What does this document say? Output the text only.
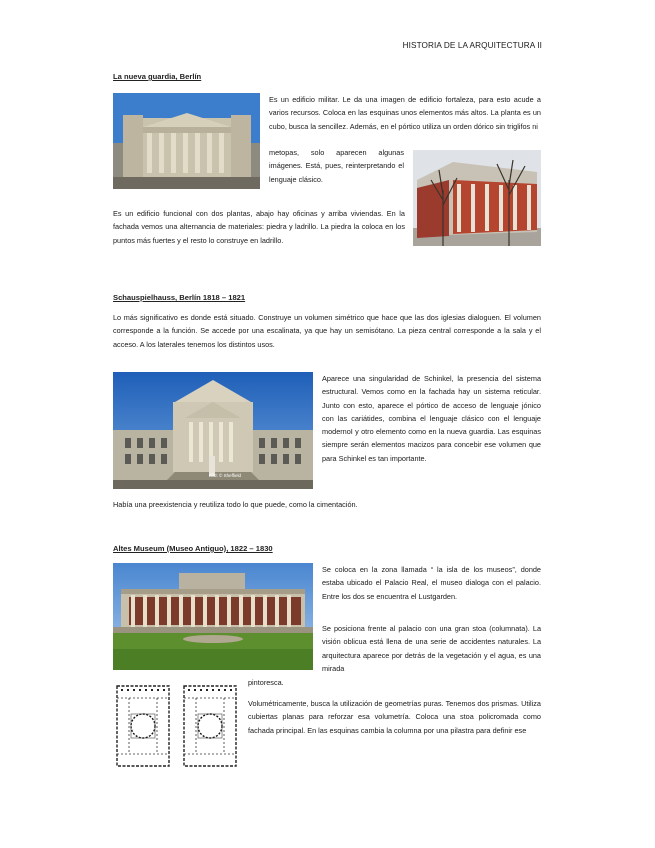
HISTORIA DE LA ARQUITECTURA II
La nueva guardia, Berlín
Es un edificio militar. Le da una imagen de edificio fortaleza, para esto acude a varios recursos. Coloca en las esquinas unos elementos más altos. La planta es un cubo, busca la sencillez. Además, en el pórtico utiliza un orden dórico sin triglifos ni
metopas, solo aparecen algunas imágenes. Está, pues, reinterpretando el lenguaje clásico.
Es un edificio funcional con dos plantas, abajo hay oficinas y arriba viviendas. En la fachada vemos una alternancia de materiales: piedra y ladrillo. La piedra la coloca en los puntos más fuertes y el resto lo construye en ladrillo.
Schauspielhauss, Berlín 1818 – 1821
Lo más significativo es donde está situado. Construye un volumen simétrico que hace que las dos iglesias dialoguen. El volumen corresponde a la función. Se accede por una escalinata, ya que hay un semisótano. La pieza central corresponde a la sala y el acceso. A los laterales tenemos los distintos usos.
Bild: © Sheffield
Aparece una singularidad de Schinkel, la presencia del sistema estructural. Vemos como en la fachada hay un sistema reticular. Junto con esto, aparece el pórtico de acceso de lenguaje jónico con las cariátides, combina el lenguaje clásico con el lenguaje modernoI y otro elemento como en la nueva guardia. Las esquinas siempre serán elementos macizos para concebir ese volumen que para Schinkel es tan importante.
Había una preexistencia y reutiliza todo lo que puede, como la cimentación.
Altes Museum (Museo Antiguo), 1822 – 1830
Se coloca en la zona llamada “ la isla de los museos”, donde estaba ubicado el Palacio Real, el museo dialoga con el palacio. Entre los dos se encuentra el Lustgarden.
Se posiciona frente al palacio con una gran stoa (columnata). La visión oblicua está llena de una serie de accidentes naturales. La arquitectura aparece por detrás de la vegetación y el agua, es una mirada
pintoresca.
Volumétricamente, busca la utilización de geometrías puras. Tenemos dos prismas. Utiliza cubiertas planas para reforzar esa volumetría. Coloca una stoa policromada como fachada principal. En las esquinas cambia la columna por una pilastra para definir ese
